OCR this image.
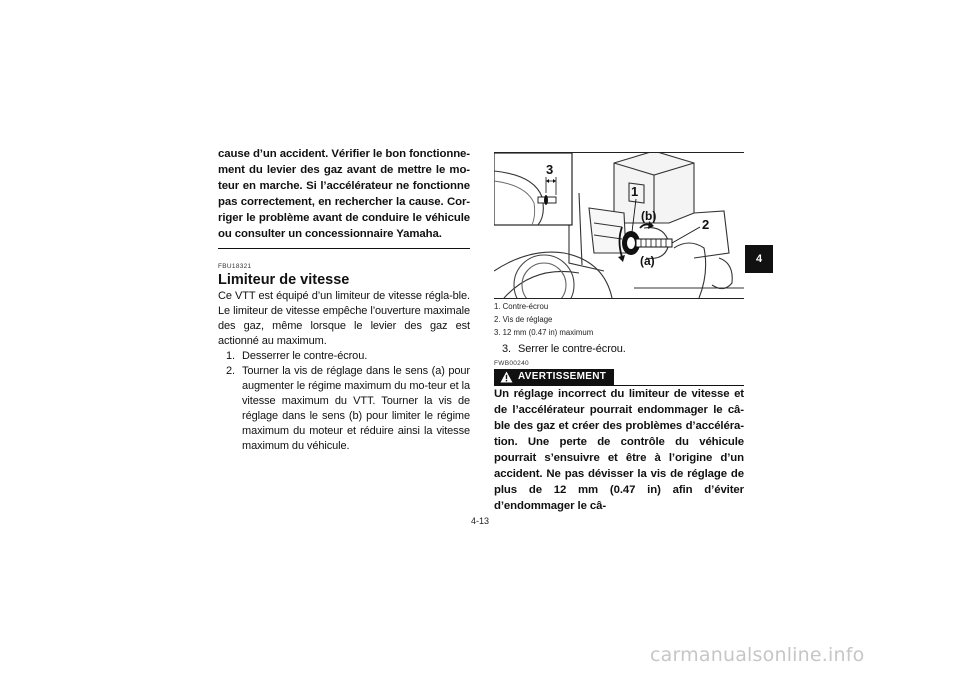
cause d’un accident. Vérifier le bon fonctionne-ment du levier des gaz avant de mettre le mo-teur en marche. Si l’accélérateur ne fonctionne pas correctement, en rechercher la cause. Cor-riger le problème avant de conduire le véhicule ou consulter un concessionnaire Yamaha.
FBU18321
Limiteur de vitesse
Ce VTT est équipé d’un limiteur de vitesse régla-ble. Le limiteur de vitesse empêche l’ouverture maximale des gaz, même lorsque le levier des gaz est actionné au maximum.
1. Desserrer le contre-écrou.
2. Tourner la vis de réglage dans le sens (a) pour augmenter le régime maximum du mo-teur et la vitesse maximum du VTT. Tourner la vis de réglage dans le sens (b) pour limiter le régime maximum du moteur et réduire ainsi la vitesse maximum du véhicule.
3
1
(b)
2
(a)
1. Contre-écrou
2. Vis de réglage
3. 12 mm (0.47 in) maximum
3. Serrer le contre-écrou.
FWB00240
AVERTISSEMENT
Un réglage incorrect du limiteur de vitesse et de l’accélérateur pourrait endommager le câ-ble des gaz et créer des problèmes d’accéléra-tion. Une perte de contrôle du véhicule pourrait s’ensuivre et être à l’origine d’un accident. Ne pas dévisser la vis de réglage de plus de 12 mm (0.47 in) afin d’éviter d’endommager le câ-
4
4-13
carmanualsonline.info
